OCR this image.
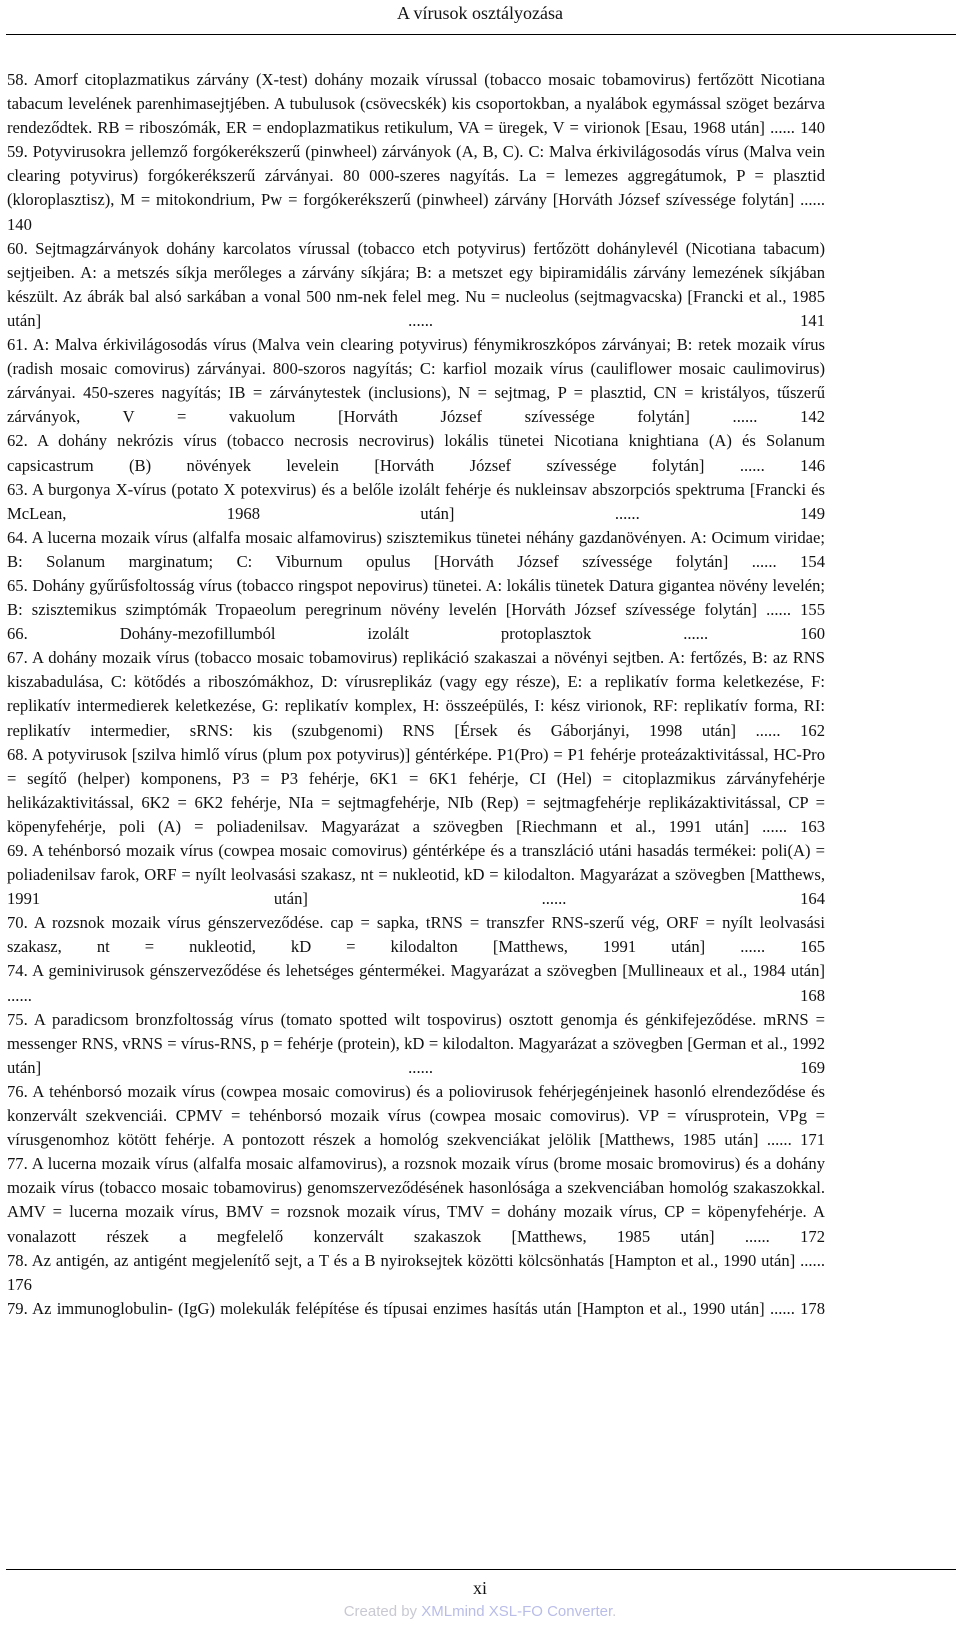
A vírusok osztályozása
58. Amorf citoplazmatikus zárvány (X-test) dohány mozaik vírussal (tobacco mosaic tobamovirus) fertőzött Nicotiana tabacum levelének parenhimasejtjében. A tubulusok (csövecskék) kis csoportokban, a nyalábok egymással szöget bezárva rendeződtek. RB = riboszómák, ER = endoplazmatikus retikulum, VA = üregek, V = virionok [Esau, 1968 után] ...... 140
59. Potyvirusokra jellemző forgókerékszerű (pinwheel) zárványok (A, B, C). C: Malva érkivilágosodás vírus (Malva vein clearing potyvirus) forgókerékszerű zárványai. 80 000-szeres nagyítás. La = lemezes aggregátumok, P = plasztid (kloroplasztisz), M = mitokondrium, Pw = forgókerékszerű (pinwheel) zárvány [Horváth József szívessége folytán] ...... 140
60. Sejtmagzárványok dohány karcolatos vírussal (tobacco etch potyvirus) fertőzött dohánylevél (Nicotiana tabacum) sejtjeiben. A: a metszés síkja merőleges a zárvány síkjára; B: a metszet egy bipiramidális zárvány lemezének síkjában készült. Az ábrák bal alsó sarkában a vonal 500 nm-nek felel meg. Nu = nucleolus (sejtmagvacska) [Francki et al., 1985 után] ......	141
61. A: Malva érkivilágosodás vírus (Malva vein clearing potyvirus) fénymikroszkópos zárványai; B: retek mozaik vírus (radish mosaic comovirus) zárványai. 800-szoros nagyítás; C: karfiol mozaik vírus (cauliflower mosaic caulimovirus) zárványai. 450-szeres nagyítás; IB = zárványtestek (inclusions), N = sejtmag, P = plasztid, CN = kristályos, tűszerű zárványok, V = vakuolum [Horváth József szívessége folytán] ......	142
62. A dohány nekrózis vírus (tobacco necrosis necrovirus) lokális tünetei Nicotiana knightiana (A) és Solanum capsicastrum (B) növények levelein [Horváth József szívessége folytán] ...... 146
63. A burgonya X-vírus (potato X potexvirus) és a belőle izolált fehérje és nukleinsav abszorpciós spektruma [Francki és McLean, 1968 után] ......	149
64. A lucerna mozaik vírus (alfalfa mosaic alfamovirus) szisztemikus tünetei néhány gazdanövényen. A: Ocimum viridae; B: Solanum marginatum; C: Viburnum opulus [Horváth József szívessége folytán] ...... 154
65. Dohány gyűrűsfoltosság vírus (tobacco ringspot nepovirus) tünetei. A: lokális tünetek Datura gigantea növény levelén; B: szisztemikus szimptómák Tropaeolum peregrinum növény levelén [Horváth József szívessége folytán] ...... 155
66. Dohány-mezofillumból izolált protoplasztok ......	160
67. A dohány mozaik vírus (tobacco mosaic tobamovirus) replikáció szakaszai a növényi sejtben. A: fertőzés, B: az RNS kiszabadulása, C: kötődés a riboszómákhoz, D: vírusreplikáz (vagy egy része), E: a replikatív forma keletkezése, F: replikatív intermedierek keletkezése, G: replikatív komplex, H: összeépülés, I: kész virionok, RF: replikatív forma, RI: replikatív intermedier, sRNS: kis (szubgenomi) RNS [Érsek és Gáborjányi, 1998 után] ...... 162
68. A potyvirusok [szilva himlő vírus (plum pox potyvirus)] géntérképe. P1(Pro) = P1 fehérje proteázaktivitással, HC-Pro = segítő (helper) komponens, P3 = P3 fehérje, 6K1 = 6K1 fehérje, CI (Hel) = citoplazmikus zárványfehérje helikázaktivitással, 6K2 = 6K2 fehérje, NIa = sejtmagfehérje, NIb (Rep) = sejtmagfehérje replikázaktivitással, CP = köpenyfehérje, poli (A) = poliadenilsav. Magyarázat a szövegben [Riechmann et al., 1991 után] ...... 163
69. A tehénborsó mozaik vírus (cowpea mosaic comovirus) géntérképe és a transzláció utáni hasadás termékei: poli(A) = poliadenilsav farok, ORF = nyílt leolvasási szakasz, nt = nukleotid, kD = kilodalton. Magyarázat a szövegben [Matthews, 1991 után] ......	164
70. A rozsnok mozaik vírus génszerveződése. cap = sapka, tRNS = transzfer RNS-szerű vég, ORF = nyílt leolvasási szakasz, nt = nukleotid, kD = kilodalton [Matthews, 1991 után] ...... 165
74. A geminivirusok génszerveződése és lehetséges géntermékei. Magyarázat a szövegben [Mullineaux et al., 1984 után] ......	168
75. A paradicsom bronzfoltosság vírus (tomato spotted wilt tospovirus) osztott genomja és génkifejeződése. mRNS = messenger RNS, vRNS = vírus-RNS, p = fehérje (protein), kD = kilodalton. Magyarázat a szövegben [German et al., 1992 után] ......	169
76. A tehénborsó mozaik vírus (cowpea mosaic comovirus) és a poliovirusok fehérjegénjeinek hasonló elrendeződése és konzervált szekvenciái. CPMV = tehénborsó mozaik vírus (cowpea mosaic comovirus). VP = vírusprotein, VPg = vírusgenomhoz kötött fehérje. A pontozott részek a homológ szekvenciákat jelölik [Matthews, 1985 után] ...... 171
77. A lucerna mozaik vírus (alfalfa mosaic alfamovirus), a rozsnok mozaik vírus (brome mosaic bromovirus) és a dohány mozaik vírus (tobacco mosaic tobamovirus) genomszerveződésének hasonlósága a szekvenciában homológ szakaszokkal. AMV = lucerna mozaik vírus, BMV = rozsnok mozaik vírus, TMV = dohány mozaik vírus, CP = köpenyfehérje. A vonalazott részek a megfelelő konzervált szakaszok [Matthews, 1985 után] ...... 172
78. Az antigén, az antigént megjelenítő sejt, a T és a B nyiroksejtek közötti kölcsönhatás [Hampton et al., 1990 után] ...... 176
79. Az immunoglobulin- (IgG) molekulák felépítése és típusai enzimes hasítás után [Hampton et al., 1990 után] ...... 178
xi
Created by XMLmind XSL-FO Converter.
